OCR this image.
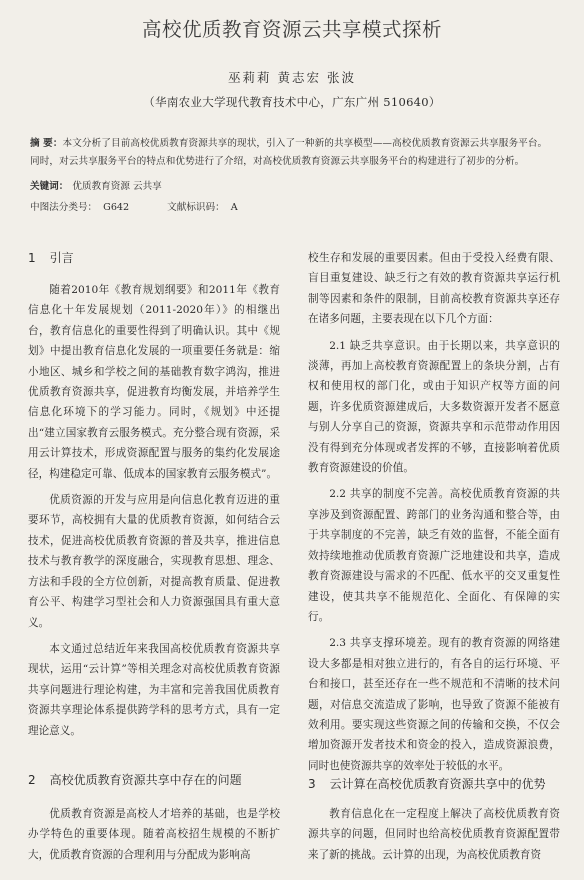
高校优质教育资源云共享模式探析
巫莉莉 黄志宏 张波
（华南农业大学现代教育技术中心，广东广州 510640）
摘 要：本文分析了目前高校优质教育资源共享的现状，引入了一种新的共享模型——高校优质教育资源云共享服务平台。同时，对云共享服务平台的特点和优势进行了介绍，对高校优质教育资源云共享服务平台的构建进行了初步的分析。
关键词： 优质教育资源 云共享
中图法分类号： G642	文献标识码： A
1 引言

随着2010年《教育规划纲要》和2011年《教育信息化十年发展规划（2011-2020年）》的相继出台，教育信息化的重要性得到了明确认识。其中《规划》中提出教育信息化发展的一项重要任务就是：缩小地区、城乡和学校之间的基础教育数字鸿沟，推进优质教育资源共享，促进教育均衡发展，并培养学生信息化环境下的学习能力。同时，《规划》中还提出“建立国家教育云服务模式。充分整合现有资源，采用云计算技术，形成资源配置与服务的集约化发展途径，构建稳定可靠、低成本的国家教育云服务模式”。

优质资源的开发与应用是向信息化教育迈进的重要环节，高校拥有大量的优质教育资源，如何结合云技术，促进高校优质教育资源的普及共享，推进信息技术与教育教学的深度融合，实现教育思想、理念、方法和手段的全方位创新，对提高教育质量、促进教育公平、构建学习型社会和人力资源强国具有重大意义。

本文通过总结近年来我国高校优质教育资源共享现状，运用“云计算”等相关理念对高校优质教育资源共享问题进行理论构建，为丰富和完善我国优质教育资源共享理论体系提供跨学科的思考方式，具有一定理论意义。

2 高校优质教育资源共享中存在的问题

优质教育资源是高校人才培养的基础，也是学校办学特色的重要体现。随着高校招生规模的不断扩大，优质教育资源的合理利用与分配成为影响高

校生存和发展的重要因素。但由于受投入经费有限、盲目重复建设、缺乏行之有效的教育资源共享运行机制等因素和条件的限制，目前高校教育资源共享还存在诸多问题，主要表现在以下几个方面：

2.1 缺乏共享意识。由于长期以来，共享意识的淡薄，再加上高校教育资源配置上的条块分割，占有权和使用权的部门化，或由于知识产权等方面的问题，许多优质资源建成后，大多数资源开发者不愿意与别人分享自己的资源，资源共享和示范带动作用因没有得到充分体现或者发挥的不够，直接影响着优质教育资源建设的价值。

2.2 共享的制度不完善。高校优质教育资源的共享涉及到资源配置、跨部门的业务沟通和整合等，由于共享制度的不完善，缺乏有效的监督，不能全面有效持续地推动优质教育资源广泛地建设和共享，造成教育资源建设与需求的不匹配、低水平的交叉重复性建设，使其共享不能规范化、全面化、有保障的实行。

2.3 共享支撑环境差。现有的教育资源的网络建设大多都是相对独立进行的，有各自的运行环境、平台和接口，甚至还存在一些不规范和不清晰的技术问题，对信息交流造成了影响，也导致了资源不能被有效利用。要实现这些资源之间的传输和交换，不仅会增加资源开发者技术和资金的投入，造成资源浪费，同时也使资源共享的效率处于较低的水平。

3 云计算在高校优质教育资源共享中的优势

教育信息化在一定程度上解决了高校优质教育资源共享的问题，但同时也给高校优质教育资源配置带来了新的挑战。云计算的出现，为高校优质教育资
